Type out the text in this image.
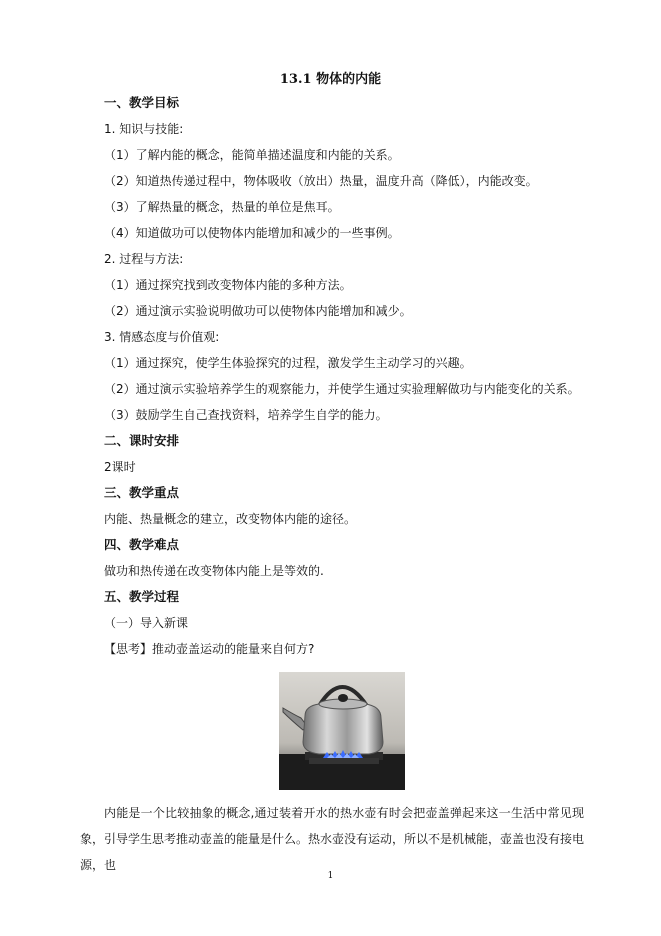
13.1 物体的内能
一、教学目标
1. 知识与技能:
（1）了解内能的概念，能简单描述温度和内能的关系。
（2）知道热传递过程中，物体吸收（放出）热量，温度升高（降低），内能改变。
（3）了解热量的概念，热量的单位是焦耳。
（4）知道做功可以使物体内能增加和减少的一些事例。
2. 过程与方法:
（1）通过探究找到改变物体内能的多种方法。
（2）通过演示实验说明做功可以使物体内能增加和减少。
3. 情感态度与价值观:
（1）通过探究，使学生体验探究的过程，激发学生主动学习的兴趣。
（2）通过演示实验培养学生的观察能力，并使学生通过实验理解做功与内能变化的关系。
（3）鼓励学生自己查找资料，培养学生自学的能力。
二、课时安排
2课时
三、教学重点
内能、热量概念的建立，改变物体内能的途径。
四、教学难点
做功和热传递在改变物体内能上是等效的.
五、教学过程
（一）导入新课
【思考】推动壶盖运动的能量来自何方?
内能是一个比较抽象的概念,通过装着开水的热水壶有时会把壶盖弹起来这一生活中常见现象，引导学生思考推动壶盖的能量是什么。热水壶没有运动，所以不是机械能，壶盖也没有接电源，也
1
